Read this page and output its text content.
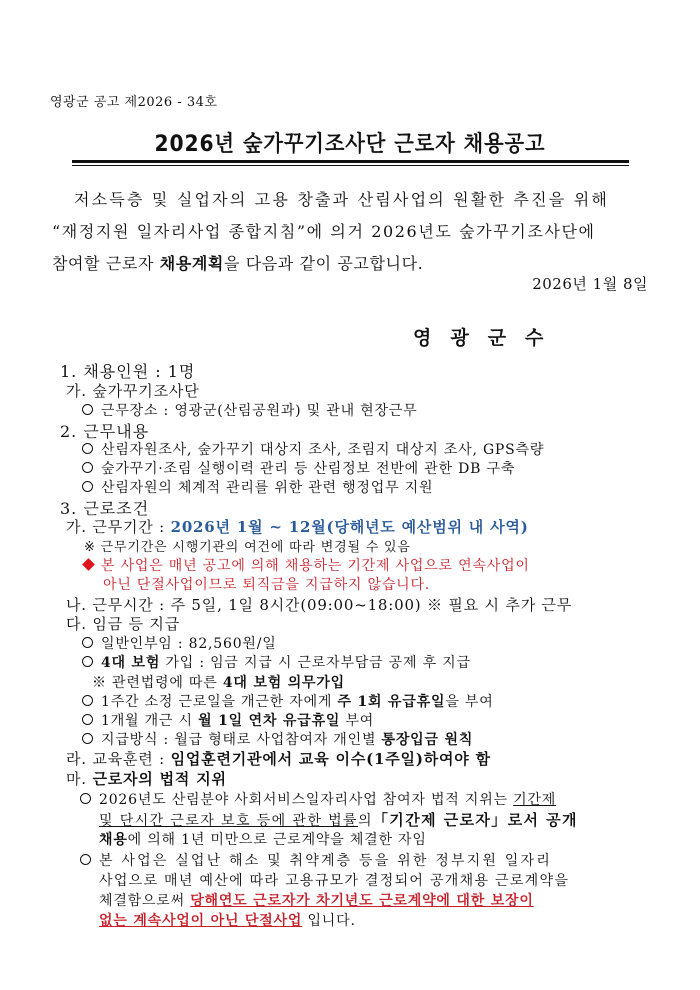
영광군 공고 제2026 - 34호
2026년 숲가꾸기조사단 근로자 채용공고
저소득층 및 실업자의 고용 창출과 산림사업의 원활한 추진을 위해
“재정지원 일자리사업 종합지침”에 의거 2026년도 숲가꾸기조사단에
참여할 근로자 채용계획을 다음과 같이 공고합니다.
2026년 1월 8일
영광군수
1. 채용인원 : 1명
가. 숲가꾸기조사단
근무장소 : 영광군(산림공원과) 및 관내 현장근무
2. 근무내용
산림자원조사, 숲가꾸기 대상지 조사, 조림지 대상지 조사, GPS측량
숲가꾸기·조림 실행이력 관리 등 산림정보 전반에 관한 DB 구축
산림자원의 체계적 관리를 위한 관련 행정업무 지원
3. 근로조건
가. 근무기간 : 2026년 1월 ~ 12월(당해년도 예산범위 내 사역)
※ 근무기간은 시행기관의 여건에 따라 변경될 수 있음
본 사업은 매년 공고에 의해 채용하는 기간제 사업으로 연속사업이
아닌 단절사업이므로 퇴직금을 지급하지 않습니다.
나. 근무시간 : 주 5일, 1일 8시간(09:00~18:00) ※ 필요 시 추가 근무
다. 임금 등 지급
일반인부임 : 82,560원/일
4대 보험 가입 : 임금 지급 시 근로자부담금 공제 후 지급
※ 관련법령에 따른 4대 보험 의무가입
1주간 소정 근로일을 개근한 자에게 주 1회 유급휴일을 부여
1개월 개근 시 월 1일 연차 유급휴일 부여
지급방식 : 월급 형태로 사업참여자 개인별 통장입금 원칙
라. 교육훈련 : 임업훈련기관에서 교육 이수(1주일)하여야 함
마. 근로자의 법적 지위
2026년도 산림분야 사회서비스일자리사업 참여자 법적 지위는 기간제
및 단시간 근로자 보호 등에 관한 법률의「기간제 근로자」로서 공개
채용에 의해 1년 미만으로 근로계약을 체결한 자임
본 사업은 실업난 해소 및 취약계층 등을 위한 정부지원 일자리
사업으로 매년 예산에 따라 고용규모가 결정되어 공개채용 근로계약을
체결함으로써 당해연도 근로자가 차기년도 근로계약에 대한 보장이
없는 계속사업이 아닌 단절사업 입니다.
